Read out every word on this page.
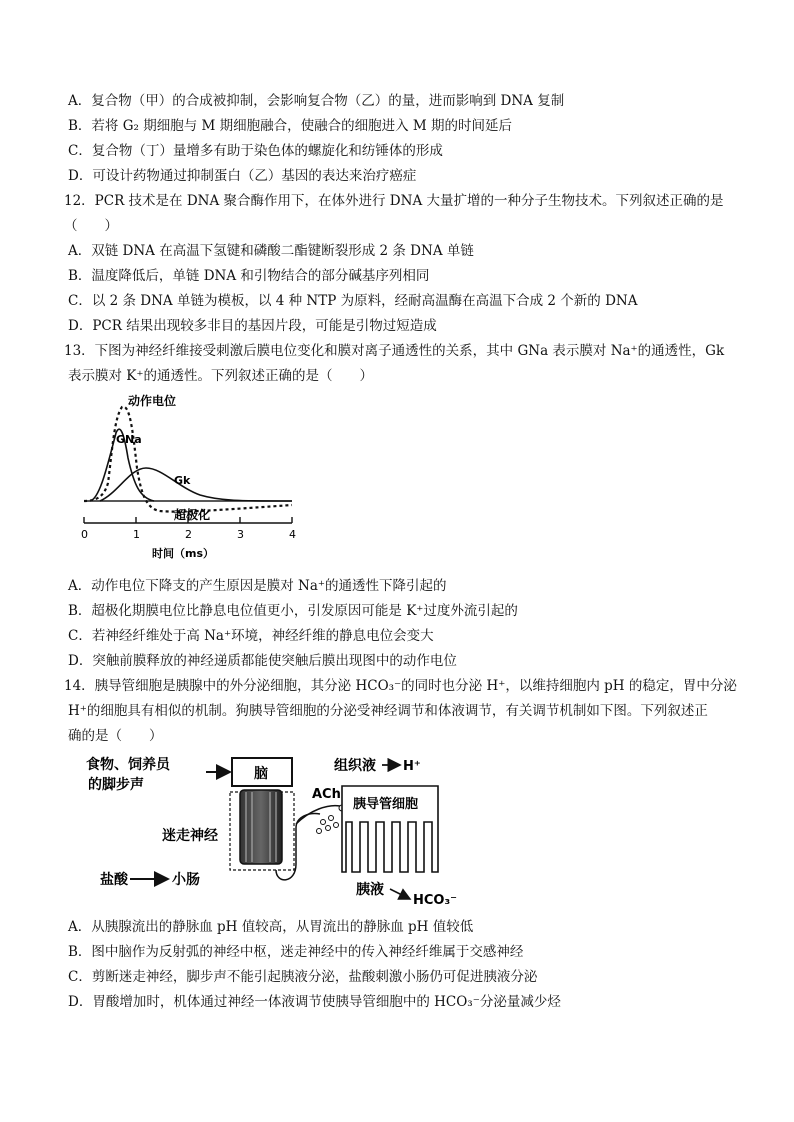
A．复合物（甲）的合成被抑制，会影响复合物（乙）的量，进而影响到 DNA 复制
B．若将 G₂ 期细胞与 M 期细胞融合，使融合的细胞进入 M 期的时间延后
C．复合物（丁）量增多有助于染色体的螺旋化和纺锤体的形成
D．可设计药物通过抑制蛋白（乙）基因的表达来治疗癌症
12．PCR 技术是在 DNA 聚合酶作用下，在体外进行 DNA 大量扩增的一种分子生物技术。下列叙述正确的是
（　　）
A．双链 DNA 在高温下氢键和磷酸二酯键断裂形成 2 条 DNA 单链
B．温度降低后，单链 DNA 和引物结合的部分碱基序列相同
C．以 2 条 DNA 单链为模板，以 4 种 NTP 为原料，经耐高温酶在高温下合成 2 个新的 DNA
D．PCR 结果出现较多非目的基因片段，可能是引物过短造成
13．下图为神经纤维接受刺激后膜电位变化和膜对离子通透性的关系，其中 GNa 表示膜对 Na⁺的通透性，Gk
表示膜对 K⁺的通透性。下列叙述正确的是（　　）
动作电位
GNa
Gk
超极化
0	1	2	3	4
时间（ms）
A．动作电位下降支的产生原因是膜对 Na⁺的通透性下降引起的
B．超极化期膜电位比静息电位值更小，引发原因可能是 K⁺过度外流引起的
C．若神经纤维处于高 Na⁺环境，神经纤维的静息电位会变大
D．突触前膜释放的神经递质都能使突触后膜出现图中的动作电位
14．胰导管细胞是胰腺中的外分泌细胞，其分泌 HCO₃⁻的同时也分泌 H⁺，以维持细胞内 pH 的稳定，胃中分泌
H⁺的细胞具有相似的机制。狗胰导管细胞的分泌受神经调节和体液调节，有关调节机制如下图。下列叙述正
确的是（　　）
食物、饲养员
的脚步声
脑
迷走神经
盐酸	小肠
ACh
组织液 H⁺
胰导管细胞
胰液
HCO₃⁻
A．从胰腺流出的静脉血 pH 值较高，从胃流出的静脉血 pH 值较低
B．图中脑作为反射弧的神经中枢，迷走神经中的传入神经纤维属于交感神经
C．剪断迷走神经，脚步声不能引起胰液分泌，盐酸刺激小肠仍可促进胰液分泌
D．胃酸增加时，机体通过神经一体液调节使胰导管细胞中的 HCO₃⁻分泌量减少烃
